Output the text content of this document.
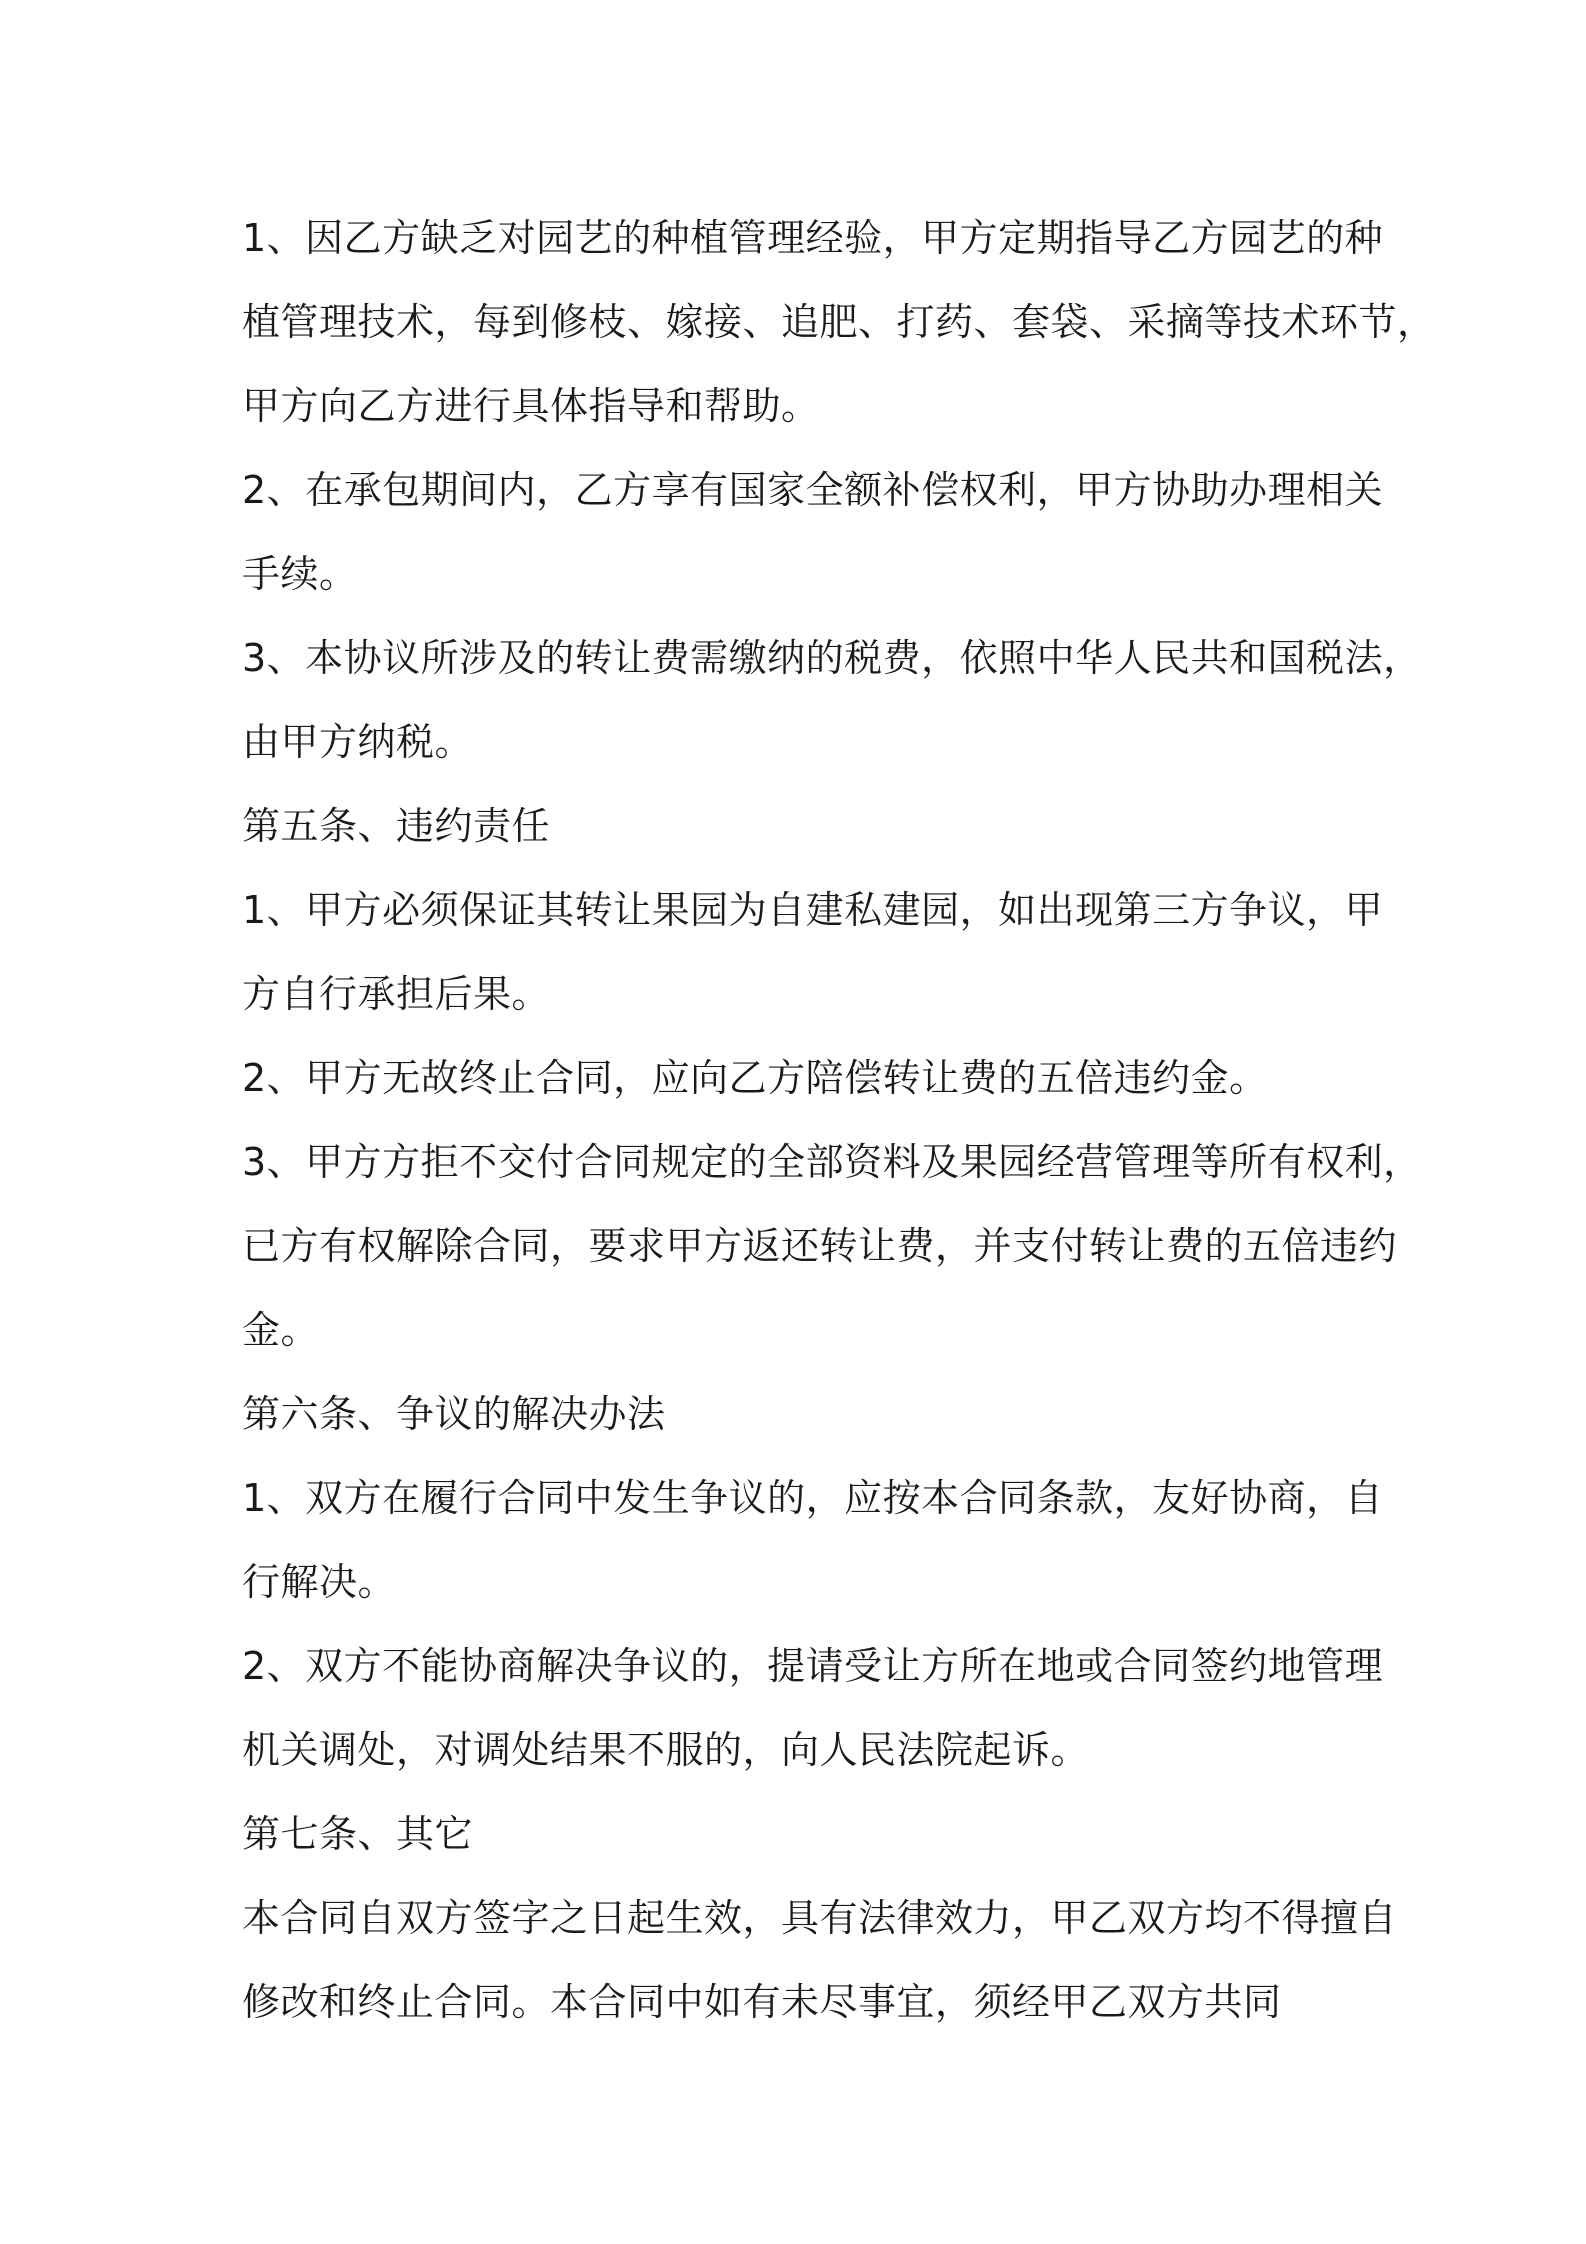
1、因乙方缺乏对园艺的种植管理经验，甲方定期指导乙方园艺的种
植管理技术，每到修枝、嫁接、追肥、打药、套袋、采摘等技术环节，
甲方向乙方进行具体指导和帮助。
2、在承包期间内，乙方享有国家全额补偿权利，甲方协助办理相关
手续。
3、本协议所涉及的转让费需缴纳的税费，依照中华人民共和国税法，
由甲方纳税。
第五条、违约责任
1、甲方必须保证其转让果园为自建私建园，如出现第三方争议，甲
方自行承担后果。
2、甲方无故终止合同，应向乙方陪偿转让费的五倍违约金。
3、甲方方拒不交付合同规定的全部资料及果园经营管理等所有权利，
已方有权解除合同，要求甲方返还转让费，并支付转让费的五倍违约
金。
第六条、争议的解决办法
1、双方在履行合同中发生争议的，应按本合同条款，友好协商，自
行解决。
2、双方不能协商解决争议的，提请受让方所在地或合同签约地管理
机关调处，对调处结果不服的，向人民法院起诉。
第七条、其它
本合同自双方签字之日起生效，具有法律效力，甲乙双方均不得擅自
修改和终止合同。本合同中如有未尽事宜，须经甲乙双方共同
